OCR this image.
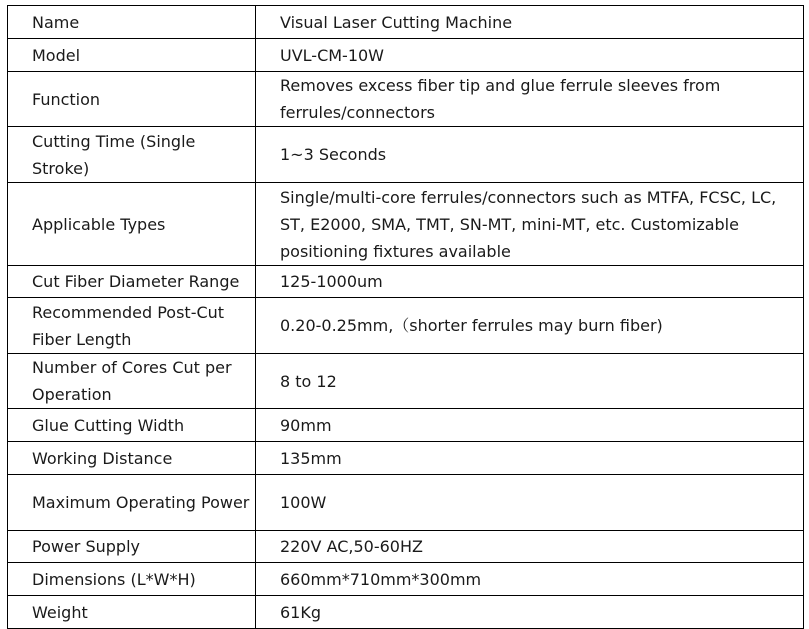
Name	Visual Laser Cutting Machine
Model	UVL-CM-10W
Function	Removes excess fiber tip and glue ferrule sleeves from ferrules/connectors
Cutting Time (Single Stroke)	1~3 Seconds
Applicable Types	Single/multi-core ferrules/connectors such as MTFA, FCSC, LC, ST, E2000, SMA, TMT, SN-MT, mini-MT, etc. Customizable positioning fixtures available
Cut Fiber Diameter Range	125-1000um
Recommended Post-Cut Fiber Length	0.20-0.25mm,（shorter ferrules may burn fiber)
Number of Cores Cut per Operation	8 to 12
Glue Cutting Width	90mm
Working Distance	135mm
Maximum Operating Power	100W
Power Supply	220V AC,50-60HZ
Dimensions (L*W*H)	660mm*710mm*300mm
Weight	61Kg
